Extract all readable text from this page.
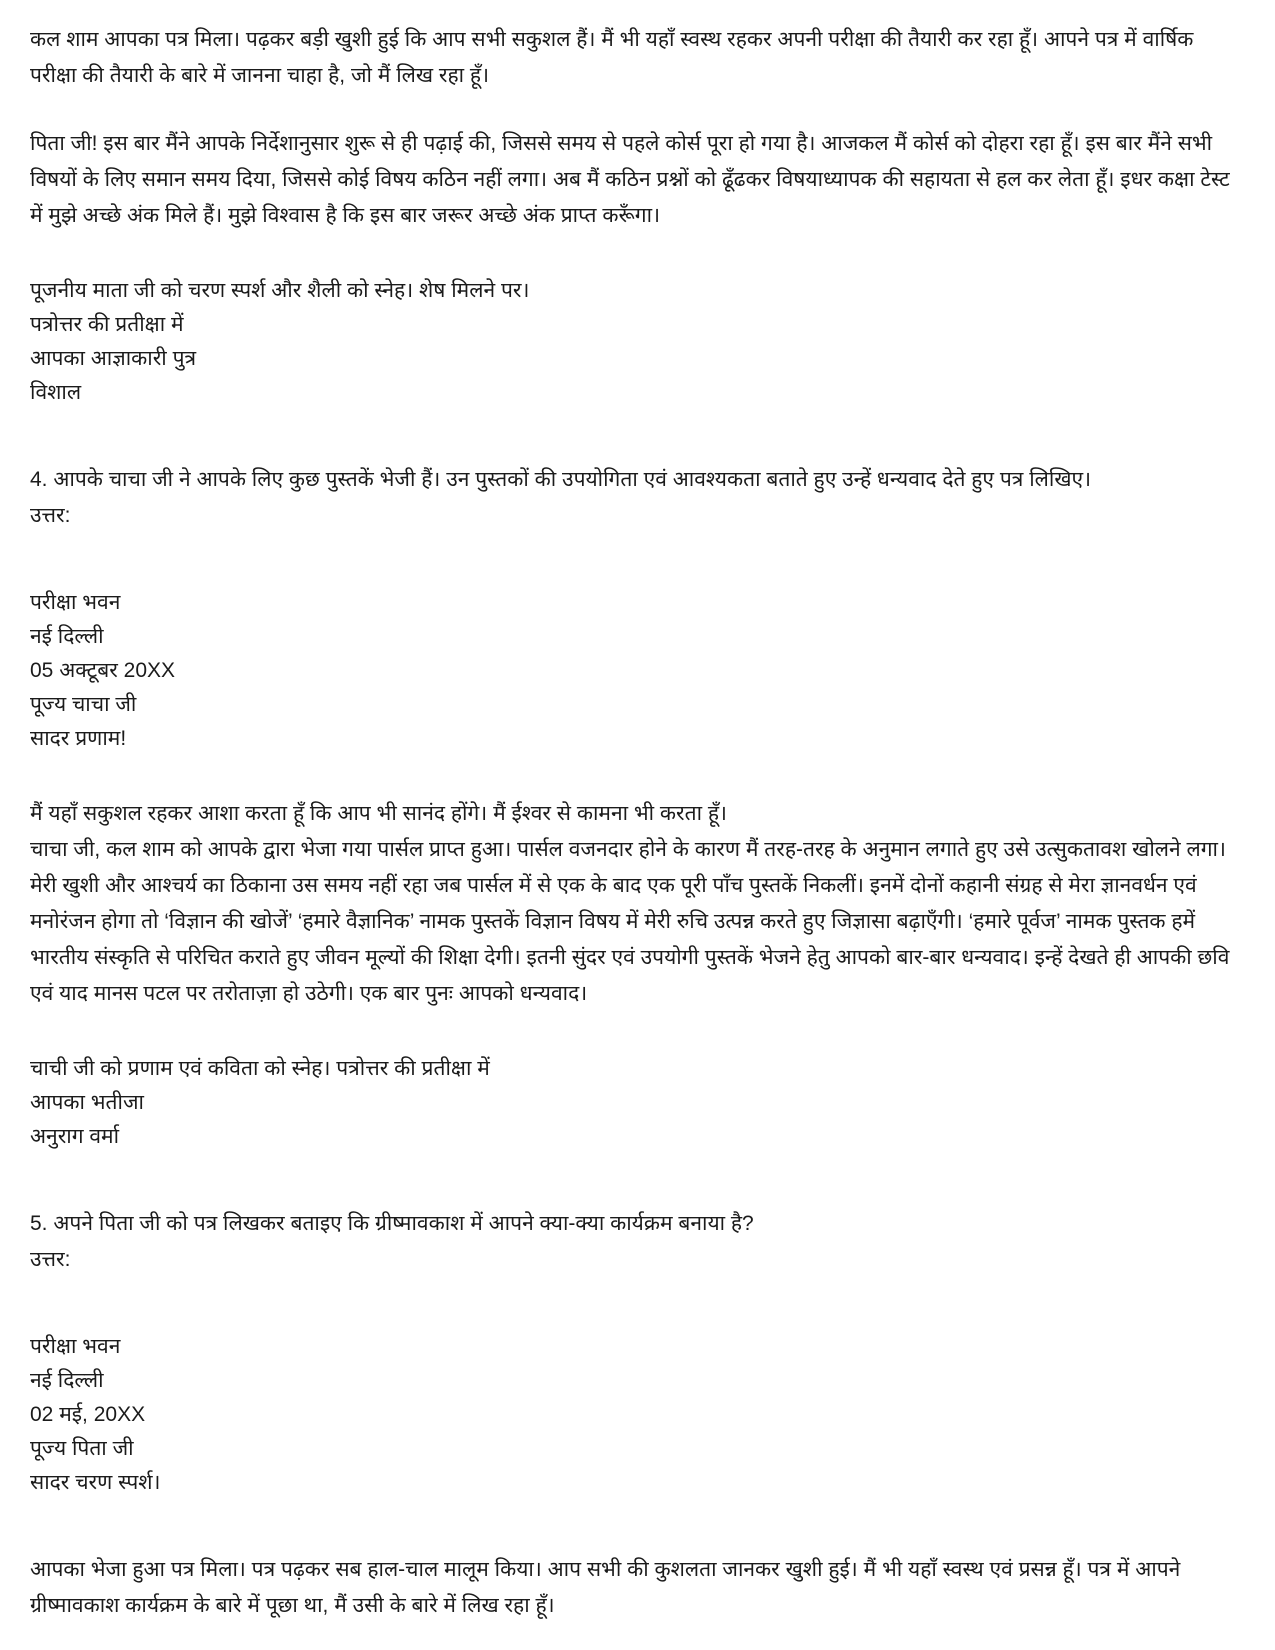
कल शाम आपका पत्र मिला। पढ़कर बड़ी खुशी हुई कि आप सभी सकुशल हैं। मैं भी यहाँ स्वस्थ रहकर अपनी परीक्षा की तैयारी कर रहा हूँ। आपने पत्र में वार्षिक परीक्षा की तैयारी के बारे में जानना चाहा है, जो मैं लिख रहा हूँ।

पिता जी! इस बार मैंने आपके निर्देशानुसार शुरू से ही पढ़ाई की, जिससे समय से पहले कोर्स पूरा हो गया है। आजकल मैं कोर्स को दोहरा रहा हूँ। इस बार मैंने सभी विषयों के लिए समान समय दिया, जिससे कोई विषय कठिन नहीं लगा। अब मैं कठिन प्रश्नों को ढूँढकर विषयाध्यापक की सहायता से हल कर लेता हूँ। इधर कक्षा टेस्ट में मुझे अच्छे अंक मिले हैं। मुझे विश्वास है कि इस बार जरूर अच्छे अंक प्राप्त करूँगा।

पूजनीय माता जी को चरण स्पर्श और शैली को स्नेह। शेष मिलने पर।
पत्रोत्तर की प्रतीक्षा में
आपका आज्ञाकारी पुत्र
विशाल

4. आपके चाचा जी ने आपके लिए कुछ पुस्तकें भेजी हैं। उन पुस्तकों की उपयोगिता एवं आवश्यकता बताते हुए उन्हें धन्यवाद देते हुए पत्र लिखिए।

उत्तर:

परीक्षा भवन
नई दिल्ली
05 अक्टूबर 20XX
पूज्य चाचा जी
सादर प्रणाम!
मैं यहाँ सकुशल रहकर आशा करता हूँ कि आप भी सानंद होंगे। मैं ईश्वर से कामना भी करता हूँ।
चाचा जी, कल शाम को आपके द्वारा भेजा गया पार्सल प्राप्त हुआ। पार्सल वजनदार होने के कारण मैं तरह-तरह के अनुमान लगाते हुए उसे उत्सुकतावश खोलने लगा। मेरी खुशी और आश्चर्य का ठिकाना उस समय नहीं रहा जब पार्सल में से एक के बाद एक पूरी पाँच पुस्तकें निकलीं। इनमें दोनों कहानी संग्रह से मेरा ज्ञानवर्धन एवं मनोरंजन होगा तो ‘विज्ञान की खोजें’ ‘हमारे वैज्ञानिक’ नामक पुस्तकें विज्ञान विषय में मेरी रुचि उत्पन्न करते हुए जिज्ञासा बढ़ाएँगी। ‘हमारे पूर्वज’ नामक पुस्तक हमें भारतीय संस्कृति से परिचित कराते हुए जीवन मूल्यों की शिक्षा देगी। इतनी सुंदर एवं उपयोगी पुस्तकें भेजने हेतु आपको बार-बार धन्यवाद। इन्हें देखते ही आपकी छवि एवं याद मानस पटल पर तरोताज़ा हो उठेगी। एक बार पुनः आपको धन्यवाद।
चाची जी को प्रणाम एवं कविता को स्नेह। पत्रोत्तर की प्रतीक्षा में
आपका भतीजा
अनुराग वर्मा

5. अपने पिता जी को पत्र लिखकर बताइए कि ग्रीष्मावकाश में आपने क्या-क्या कार्यक्रम बनाया है?

उत्तर:

परीक्षा भवन
नई दिल्ली
02 मई, 20XX
पूज्य पिता जी
सादर चरण स्पर्श।

आपका भेजा हुआ पत्र मिला। पत्र पढ़कर सब हाल-चाल मालूम किया। आप सभी की कुशलता जानकर खुशी हुई। मैं भी यहाँ स्वस्थ एवं प्रसन्न हूँ। पत्र में आपने ग्रीष्मावकाश कार्यक्रम के बारे में पूछा था, मैं उसी के बारे में लिख रहा हूँ।
